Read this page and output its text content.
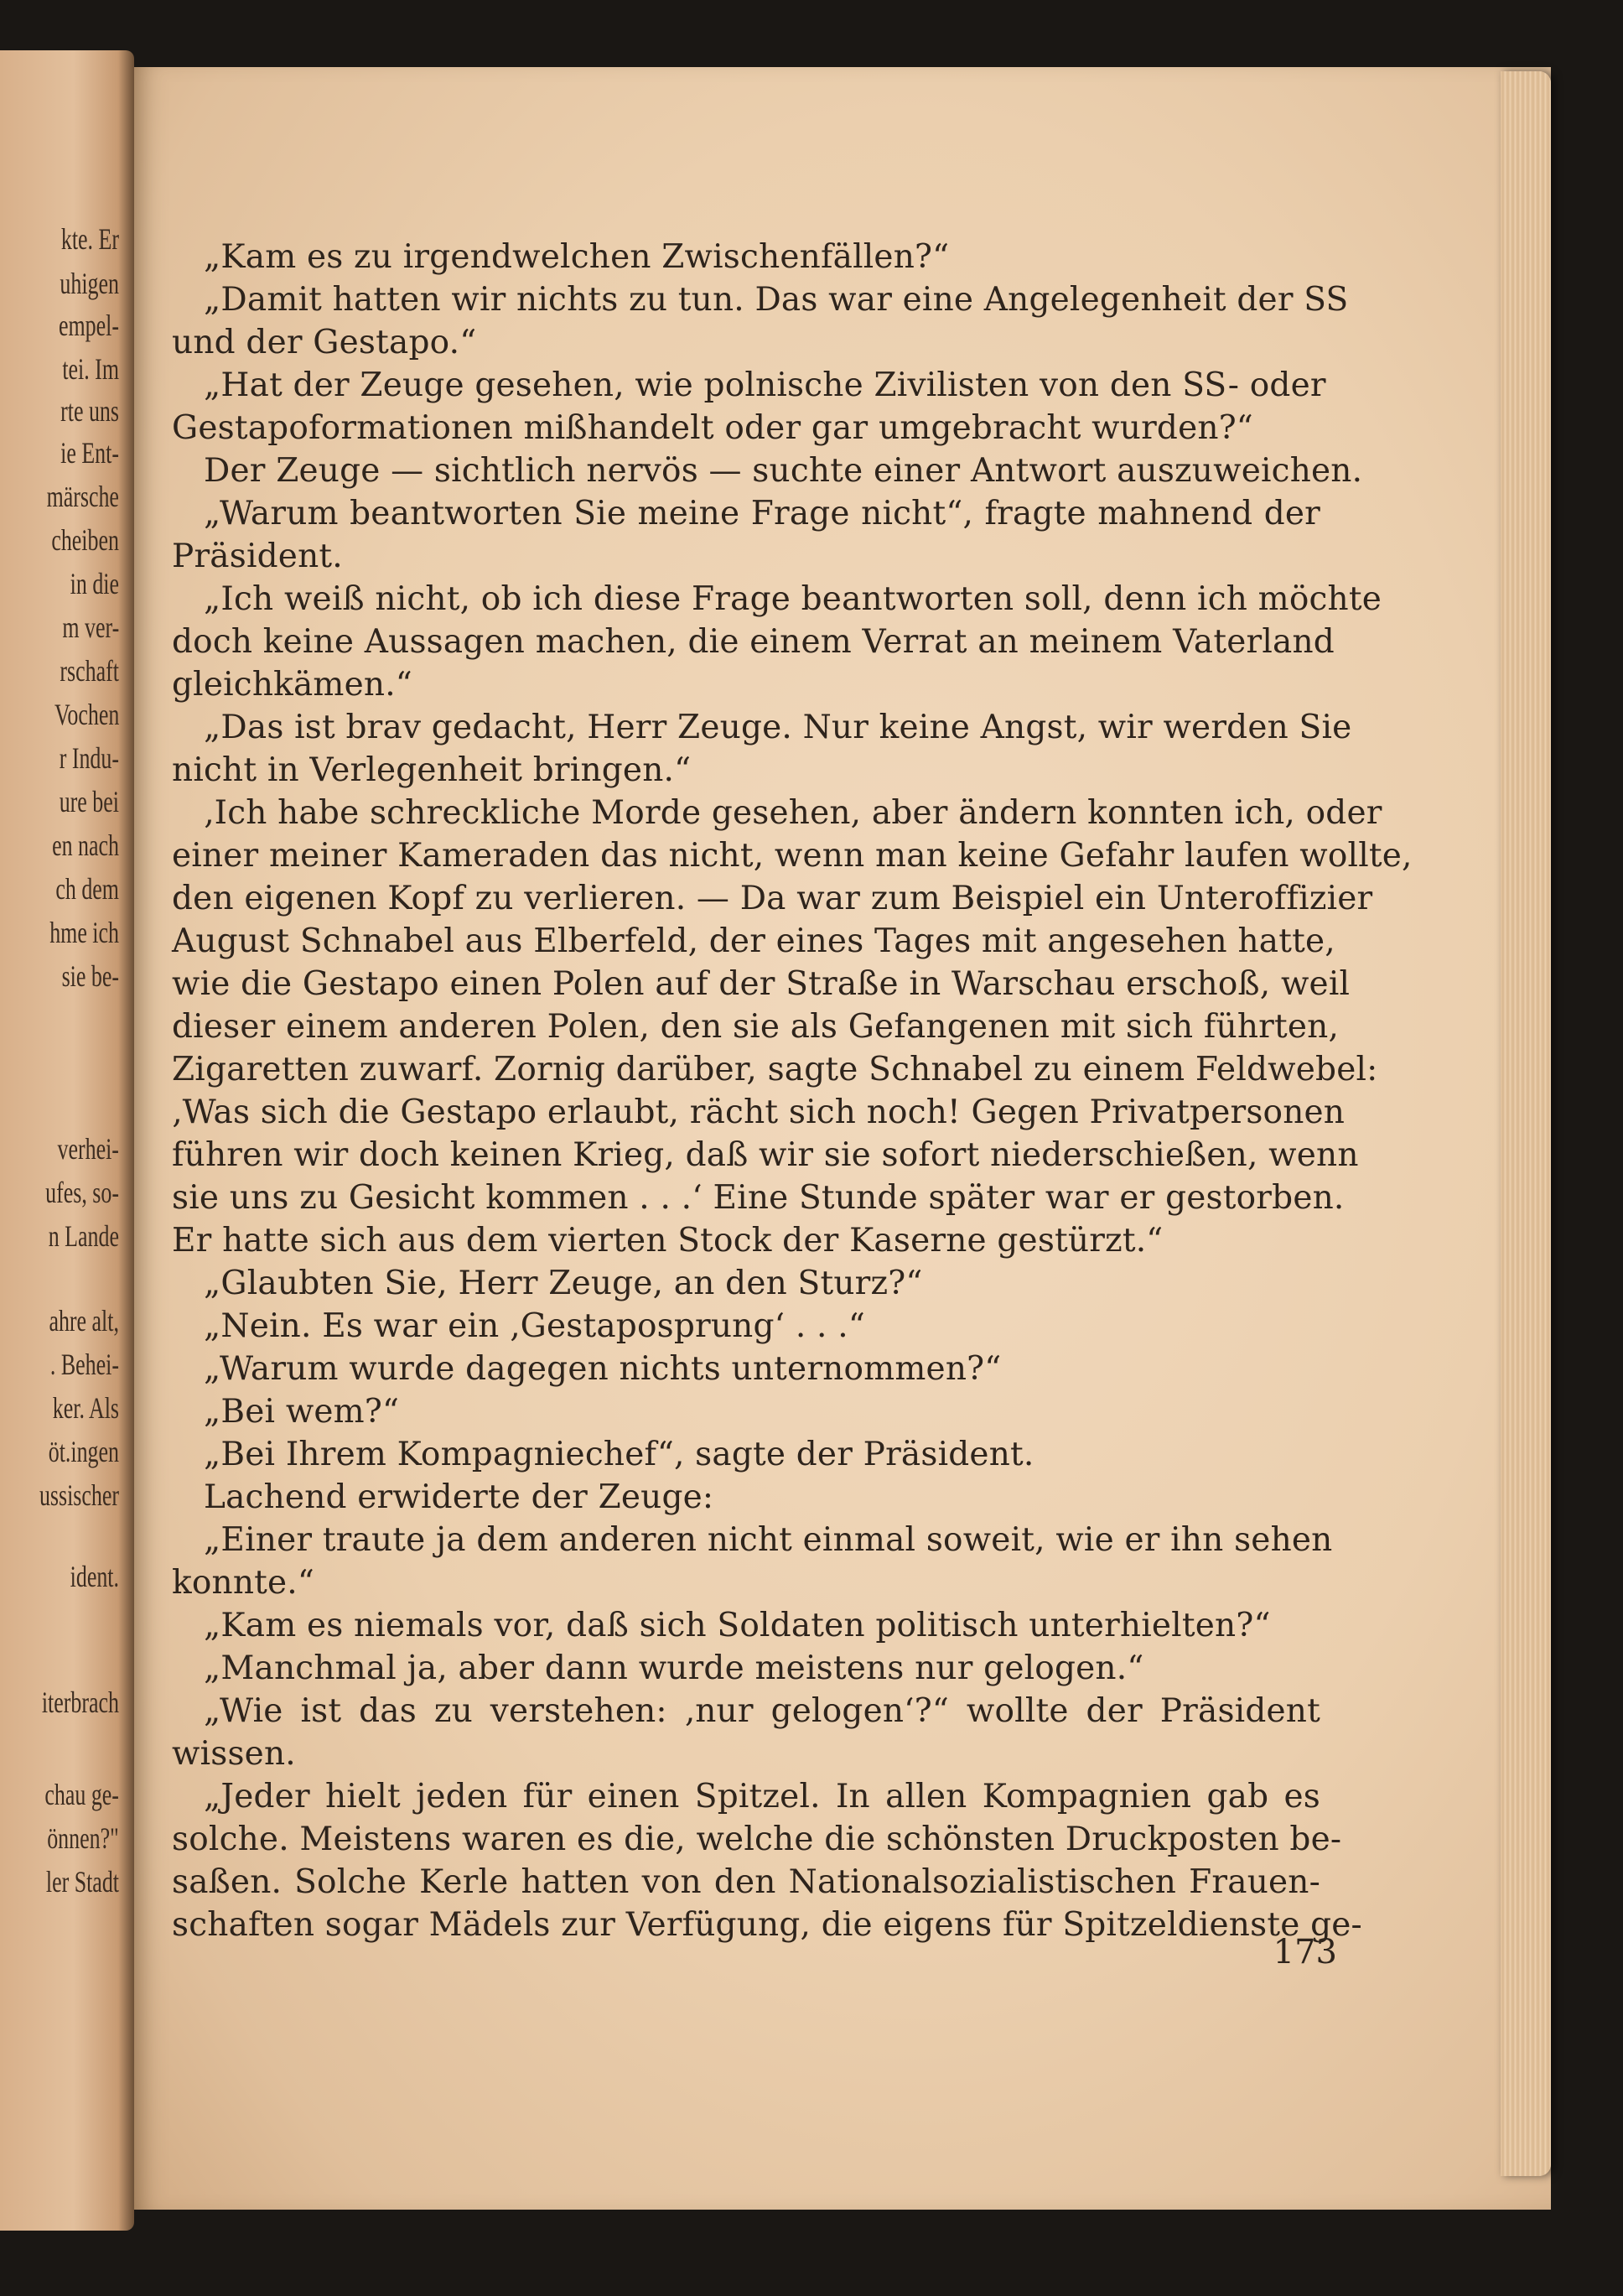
kte. Er
uhigen
empel-
tei. Im
rte uns
ie Ent-
märsche
cheiben
in die
m ver-
rschaft
Vochen
r Indu-
ure bei
en nach
ch dem
hme ich
sie be-
verhei-
ufes, so-
n Lande
ahre alt,
. Behei-
ker. Als
öt.ingen
ussischer
ident.
iterbrach
chau ge-
önnen?"
ler Stadt
„Kam es zu irgendwelchen Zwischenfällen?“
„Damit hatten wir nichts zu tun. Das war eine Angelegenheit der SS
und der Gestapo.“
„Hat der Zeuge gesehen, wie polnische Zivilisten von den SS- oder
Gestapoformationen mißhandelt oder gar umgebracht wurden?“
Der Zeuge — sichtlich nervös — suchte einer Antwort auszuweichen.
„Warum beantworten Sie meine Frage nicht“, fragte mahnend der
Präsident.
„Ich weiß nicht, ob ich diese Frage beantworten soll, denn ich möchte
doch keine Aussagen machen, die einem Verrat an meinem Vaterland
gleichkämen.“
„Das ist brav gedacht, Herr Zeuge. Nur keine Angst, wir werden Sie
nicht in Verlegenheit bringen.“
‚Ich habe schreckliche Morde gesehen, aber ändern konnten ich, oder
einer meiner Kameraden das nicht, wenn man keine Gefahr laufen wollte,
den eigenen Kopf zu verlieren. — Da war zum Beispiel ein Unteroffizier
August Schnabel aus Elberfeld, der eines Tages mit angesehen hatte,
wie die Gestapo einen Polen auf der Straße in Warschau erschoß, weil
dieser einem anderen Polen, den sie als Gefangenen mit sich führten,
Zigaretten zuwarf. Zornig darüber, sagte Schnabel zu einem Feldwebel:
‚Was sich die Gestapo erlaubt, rächt sich noch! Gegen Privatpersonen
führen wir doch keinen Krieg, daß wir sie sofort niederschießen, wenn
sie uns zu Gesicht kommen . . .‘ Eine Stunde später war er gestorben.
Er hatte sich aus dem vierten Stock der Kaserne gestürzt.“
„Glaubten Sie, Herr Zeuge, an den Sturz?“
„Nein. Es war ein ‚Gestaposprung‘ . . .“
„Warum wurde dagegen nichts unternommen?“
„Bei wem?“
„Bei Ihrem Kompagniechef“, sagte der Präsident.
Lachend erwiderte der Zeuge:
„Einer traute ja dem anderen nicht einmal soweit, wie er ihn sehen
konnte.“
„Kam es niemals vor, daß sich Soldaten politisch unterhielten?“
„Manchmal ja, aber dann wurde meistens nur gelogen.“
„Wie ist das zu verstehen: ‚nur gelogen‘?“ wollte der Präsident
wissen.
„Jeder hielt jeden für einen Spitzel. In allen Kompagnien gab es
solche. Meistens waren es die, welche die schönsten Druckposten be-
saßen. Solche Kerle hatten von den Nationalsozialistischen Frauen-
schaften sogar Mädels zur Verfügung, die eigens für Spitzeldienste ge-
173
